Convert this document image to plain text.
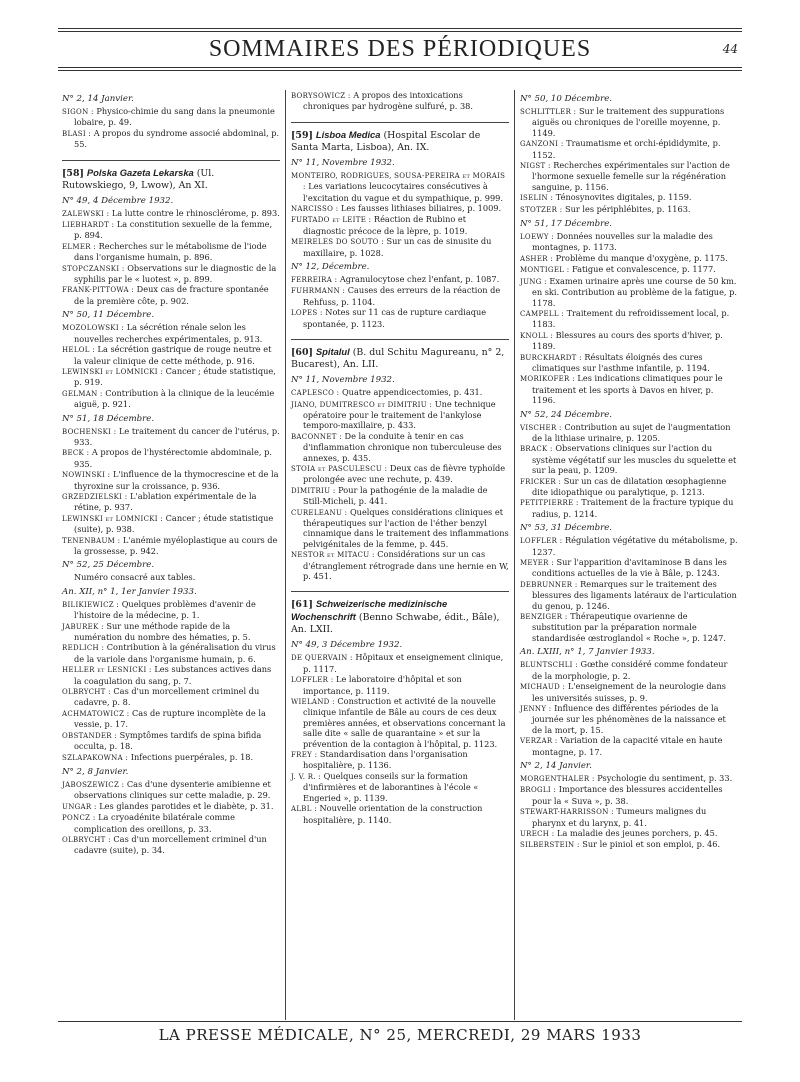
SOMMAIRES DES PÉRIODIQUES	44
N° 2, 14 Janvier.

SIGON : Physico-chimie du sang dans la pneumonie lobaire, p. 49.

BLASI : A propos du syndrome associé abdominal, p. 55.

[58] Polska Gazeta Lekarska (Ul. Rutowskiego, 9, Lwow), An XI.
N° 49, 4 Décembre 1932.

ZALEWSKI : La lutte contre le rhinosclérome, p. 893.

LIEBHARDT : La constitution sexuelle de la femme, p. 894.

ELMER : Recherches sur le métabolisme de l'iode dans l'organisme humain, p. 896.

STOPCZANSKI : Observations sur le diagnostic de la syphilis par le « luotest », p. 899.

FRANK-PITTOWA : Deux cas de fracture spontanée de la première côte, p. 902.

N° 50, 11 Décembre.

MOZOLOWSKI : La sécrétion rénale selon les nouvelles recherches expérimentales, p. 913.

HELOL : La sécrétion gastrique de rouge neutre et la valeur clinique de cette méthode, p. 916.

LEWINSKI et LOMNICKI : Cancer ; étude statistique, p. 919.

GELMAN : Contribution à la clinique de la leucémie aiguë, p. 921.

N° 51, 18 Décembre.

BOCHENSKI : Le traitement du cancer de l'utérus, p. 933.

BECK : A propos de l'hystérectomie abdominale, p. 935.

NOWINSKI : L'influence de la thymocrescine et de la thyroxine sur la croissance, p. 936.

GRZEDZIELSKI : L'ablation expérimentale de la rétine, p. 937.

LEWINSKI et LOMNICKI : Cancer ; étude statistique (suite), p. 938.

TENENBAUM : L'anémie myéloplastique au cours de la grossesse, p. 942.

N° 52, 25 Décembre.

Numéro consacré aux tables.

An. XII, n° 1, 1er Janvier 1933.

BILIKIEWICZ : Quelques problèmes d'avenir de l'histoire de la médecine, p. 1.

JABUREK : Sur une méthode rapide de la numération du nombre des hématies, p. 5.

REDLICH : Contribution à la généralisation du virus de la variole dans l'organisme humain, p. 6.

HELLER et LESNICKI : Les substances actives dans la coagulation du sang, p. 7.

OLBRYCHT : Cas d'un morcellement criminel du cadavre, p. 8.

ACHMATOWICZ : Cas de rupture incomplète de la vessie, p. 17.

OBSTANDER : Symptômes tardifs de spina bifida occulta, p. 18.

SZLAPAKOWNA : Infections puerpérales, p. 18.

N° 2, 8 Janvier.

JABOSZEWICZ : Cas d'une dysenterie amibienne et observations cliniques sur cette maladie, p. 29.

UNGAR : Les glandes parotides et le diabète, p. 31.

PONCZ : La cryoadénite bilatérale comme complication des oreillons, p. 33.

OLBRYCHT : Cas d'un morcellement criminel d'un cadavre (suite), p. 34.

BORYSOWICZ : A propos des intoxications chroniques par hydrogène sulfuré, p. 38.

[59] Lisboa Medica (Hospital Escolar de Santa Marta, Lisboa), An. IX.
N° 11, Novembre 1932.

MONTEIRO, RODRIGUES, SOUSA-PEREIRA et MORAIS : Les variations leucocytaires consécutives à l'excitation du vague et du sympathique, p. 999.

NARCISSO : Les fausses lithiases biliaires, p. 1009.

FURTADO et LEITE : Réaction de Rubino et diagnostic précoce de la lèpre, p. 1019.

MEIRELES DO SOUTO : Sur un cas de sinusite du maxillaire, p. 1028.

N° 12, Décembre.

FERREIRA : Agranulocytose chez l'enfant, p. 1087.

FUHRMANN : Causes des erreurs de la réaction de Rehfuss, p. 1104.

LOPES : Notes sur 11 cas de rupture cardiaque spontanée, p. 1123.

[60] Spitalul (B. dul Schitu Magureanu, n° 2, Bucarest), An. LII.
N° 11, Novembre 1932.

CAPLESCO : Quatre appendicectomies, p. 431.

JIANO, DUMITRESCO et DIMITRIU : Une technique opératoire pour le traitement de l'ankylose temporo-maxillaire, p. 433.

BACONNET : De la conduite à tenir en cas d'inflammation chronique non tuberculeuse des annexes, p. 435.

STOIA et PASCULESCU : Deux cas de fièvre typhoïde prolongée avec une rechute, p. 439.

DIMITRIU : Pour la pathogénie de la maladie de Still-Micheli, p. 441.

CURELEANU : Quelques considérations cliniques et thérapeutiques sur l'action de l'éther benzyl cinnamique dans le traitement des inflammations pelvigénitales de la femme, p. 445.

NESTOR et MITACU : Considérations sur un cas d'étranglement rétrograde dans une hernie en W, p. 451.

[61] Schweizerische medizinische Wochenschrift (Benno Schwabe, édit., Bâle), An. LXII.
N° 49, 3 Décembre 1932.

DE QUERVAIN : Hôpitaux et enseignement clinique, p. 1117.

LOFFLER : Le laboratoire d'hôpital et son importance, p. 1119.

WIELAND : Construction et activité de la nouvelle clinique infantile de Bâle au cours de ces deux premières années, et observations concernant la salle dite « salle de quarantaine » et sur la prévention de la contagion à l'hôpital, p. 1123.

FREY : Standardisation dans l'organisation hospitalière, p. 1136.

J. V. R. : Quelques conseils sur la formation d'infirmières et de laborantines à l'école « Engeried », p. 1139.

ALBL : Nouvelle orientation de la construction hospitalière, p. 1140.

N° 50, 10 Décembre.

SCHLITTLER : Sur le traitement des suppurations aiguës ou chroniques de l'oreille moyenne, p. 1149.

GANZONI : Traumatisme et orchi-épididymite, p. 1152.

NIGST : Recherches expérimentales sur l'action de l'hormone sexuelle femelle sur la régénération sanguine, p. 1156.

ISELIN : Ténosynovites digitales, p. 1159.

STOTZER : Sur les périphlébites, p. 1163.

N° 51, 17 Décembre.

LOEWY : Données nouvelles sur la maladie des montagnes, p. 1173.

ASHER : Problème du manque d'oxygène, p. 1175.

MONTIGEL : Fatigue et convalescence, p. 1177.

JUNG : Examen urinaire après une course de 50 km. en ski. Contribution au problème de la fatigue, p. 1178.

CAMPELL : Traitement du refroidissement local, p. 1183.

KNOLL : Blessures au cours des sports d'hiver, p. 1189.

BURCKHARDT : Résultats éloignés des cures climatiques sur l'asthme infantile, p. 1194.

MORIKOFER : Les indications climatiques pour le traitement et les sports à Davos en hiver, p. 1196.

N° 52, 24 Décembre.

VISCHER : Contribution au sujet de l'augmentation de la lithiase urinaire, p. 1205.

BRACK : Observations cliniques sur l'action du système végétatif sur les muscles du squelette et sur la peau, p. 1209.

FRICKER : Sur un cas de dilatation œsophagienne dite idiopathique ou paralytique, p. 1213.

PETITPIERRE : Traitement de la fracture typique du radius, p. 1214.

N° 53, 31 Décembre.

LOFFLER : Régulation végétative du métabolisme, p. 1237.

MEYER : Sur l'apparition d'avitaminose B dans les conditions actuelles de la vie à Bâle, p. 1243.

DEBRUNNER : Remarques sur le traitement des blessures des ligaments latéraux de l'articulation du genou, p. 1246.

BENZIGER : Thérapeutique ovarienne de substitution par la préparation normale standardisée œstroglandol « Roche », p. 1247.

An. LXIII, n° 1, 7 Janvier 1933.

BLUNTSCHLI : Gœthe considéré comme fondateur de la morphologie, p. 2.

MICHAUD : L'enseignement de la neurologie dans les universités suisses, p. 9.

JENNY : Influence des différentes périodes de la journée sur les phénomènes de la naissance et de la mort, p. 15.

VERZAR : Variation de la capacité vitale en haute montagne, p. 17.

N° 2, 14 Janvier.

MORGENTHALER : Psychologie du sentiment, p. 33.

BROGLI : Importance des blessures accidentelles pour la « Suva », p. 38.

STEWART-HARRISSON : Tumeurs malignes du pharynx et du larynx, p. 41.

URECH : La maladie des jeunes porchers, p. 45.

SILBERSTEIN : Sur le piniol et son emploi, p. 46.

LA PRESSE MÉDICALE, N° 25, MERCREDI, 29 MARS 1933
